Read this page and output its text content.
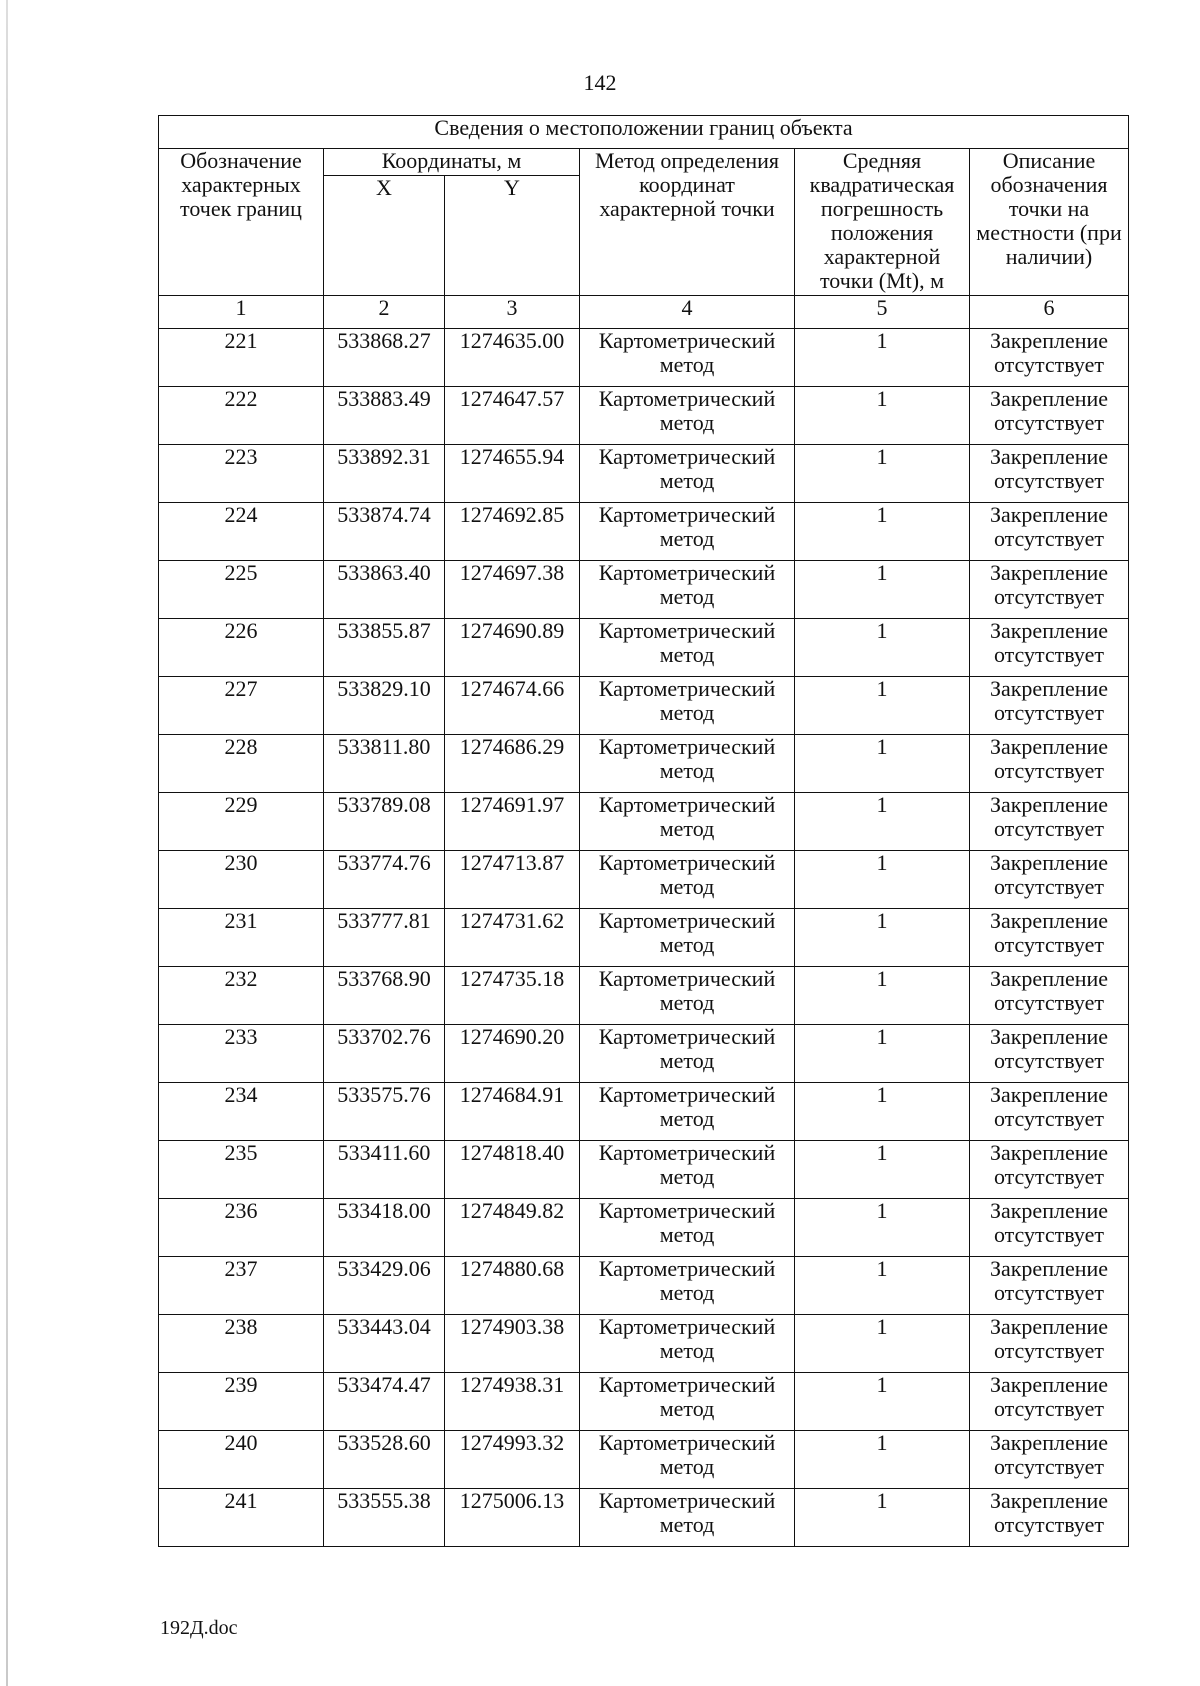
142
Сведения о местоположении границ объекта					
Обозначение характерных точек границ	Координаты, м		Метод определения координат характерной точки	Средняя квадратическая погрешность положения характерной точки (Мt), м	Описание обозначения точки на местности (при наличии)
	X	Y			
1	2	3	4	5	6
221	533868.27	1274635.00	Картометрический метод	1	Закрепление отсутствует
222	533883.49	1274647.57	Картометрический метод	1	Закрепление отсутствует
223	533892.31	1274655.94	Картометрический метод	1	Закрепление отсутствует
224	533874.74	1274692.85	Картометрический метод	1	Закрепление отсутствует
225	533863.40	1274697.38	Картометрический метод	1	Закрепление отсутствует
226	533855.87	1274690.89	Картометрический метод	1	Закрепление отсутствует
227	533829.10	1274674.66	Картометрический метод	1	Закрепление отсутствует
228	533811.80	1274686.29	Картометрический метод	1	Закрепление отсутствует
229	533789.08	1274691.97	Картометрический метод	1	Закрепление отсутствует
230	533774.76	1274713.87	Картометрический метод	1	Закрепление отсутствует
231	533777.81	1274731.62	Картометрический метод	1	Закрепление отсутствует
232	533768.90	1274735.18	Картометрический метод	1	Закрепление отсутствует
233	533702.76	1274690.20	Картометрический метод	1	Закрепление отсутствует
234	533575.76	1274684.91	Картометрический метод	1	Закрепление отсутствует
235	533411.60	1274818.40	Картометрический метод	1	Закрепление отсутствует
236	533418.00	1274849.82	Картометрический метод	1	Закрепление отсутствует
237	533429.06	1274880.68	Картометрический метод	1	Закрепление отсутствует
238	533443.04	1274903.38	Картометрический метод	1	Закрепление отсутствует
239	533474.47	1274938.31	Картометрический метод	1	Закрепление отсутствует
240	533528.60	1274993.32	Картометрический метод	1	Закрепление отсутствует
241	533555.38	1275006.13	Картометрический метод	1	Закрепление отсутствует
192Д.doc
